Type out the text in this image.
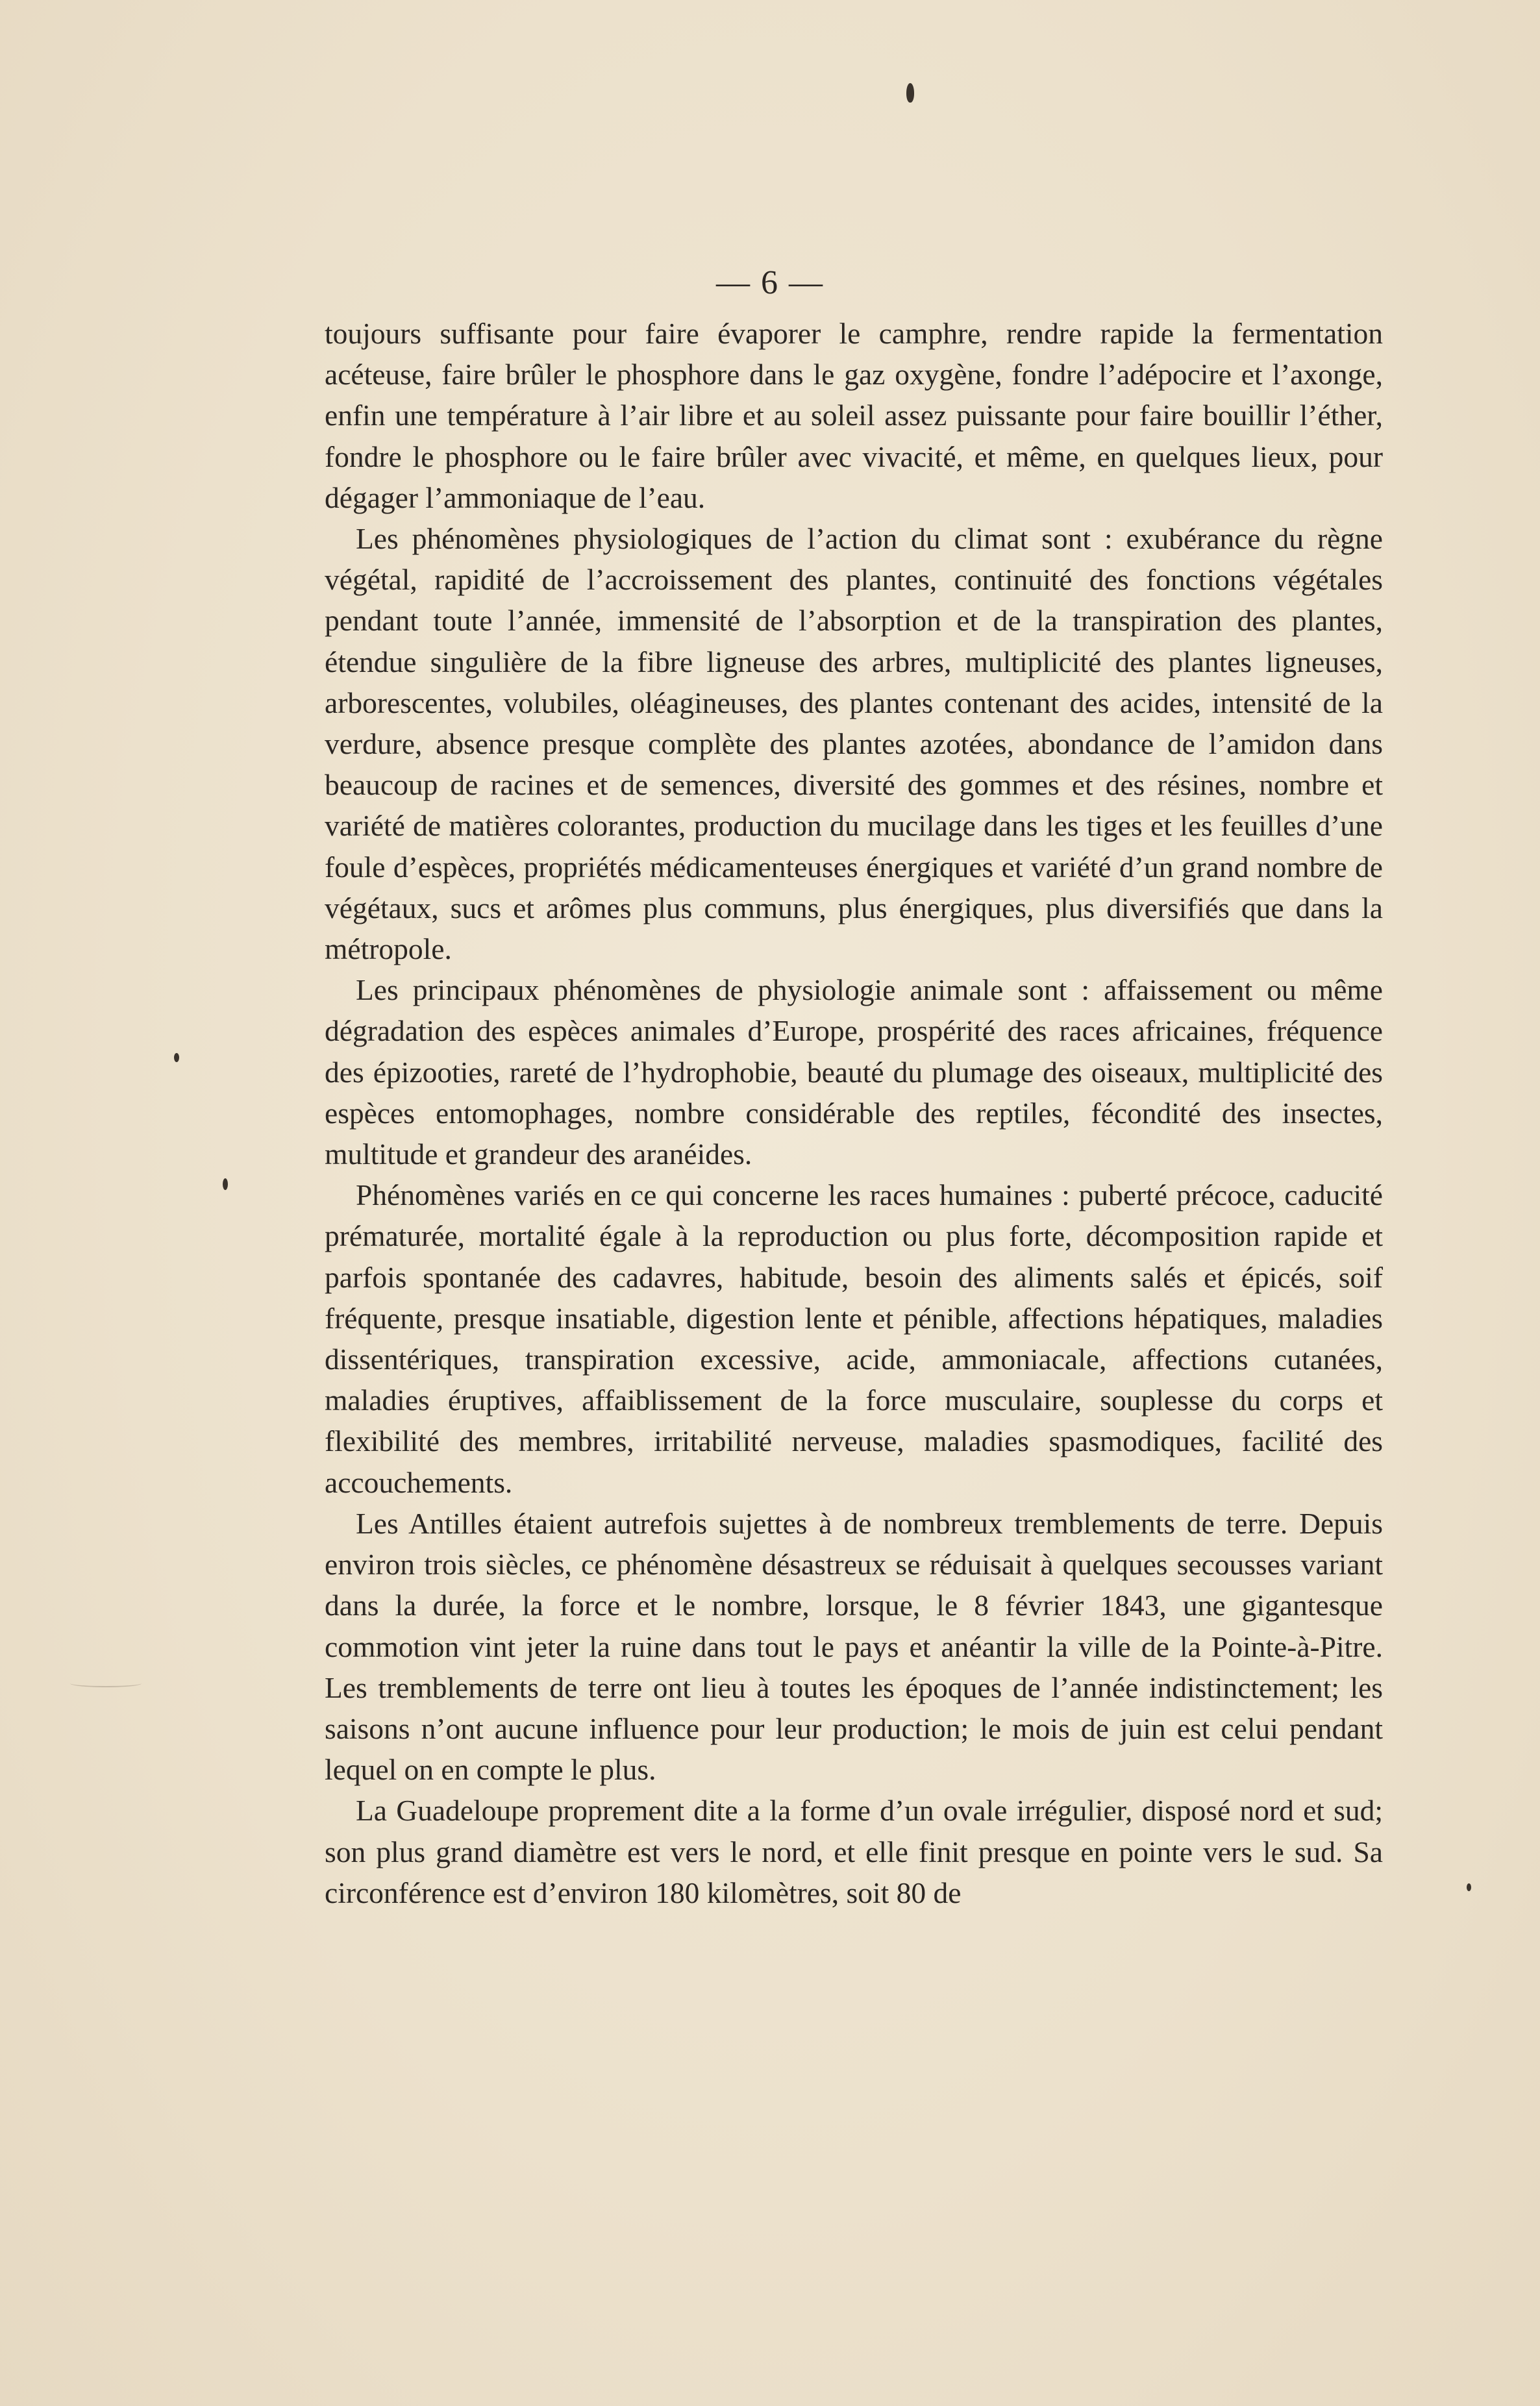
— 6 —

toujours suffisante pour faire évaporer le camphre, rendre rapide la fermentation acéteuse, faire brûler le phosphore dans le gaz oxygène, fondre l’adépocire et l’axonge, enfin une température à l’air libre et au soleil assez puissante pour faire bouillir l’éther, fondre le phosphore ou le faire brûler avec vivacité, et même, en quelques lieux, pour dégager l’ammoniaque de l’eau.

Les phénomènes physiologiques de l’action du climat sont : exubérance du règne végétal, rapidité de l’accroissement des plantes, continuité des fonctions végétales pendant toute l’année, immensité de l’absorption et de la transpiration des plantes, étendue singulière de la fibre ligneuse des arbres, multiplicité des plantes ligneuses, arborescentes, volubiles, oléagineuses, des plantes contenant des acides, intensité de la verdure, absence presque complète des plantes azotées, abondance de l’amidon dans beaucoup de racines et de semences, diversité des gommes et des résines, nombre et variété de matières colorantes, production du mucilage dans les tiges et les feuilles d’une foule d’espèces, propriétés médicamenteuses énergiques et variété d’un grand nombre de végétaux, sucs et arômes plus communs, plus énergiques, plus diversifiés que dans la métropole.

Les principaux phénomènes de physiologie animale sont : affaissement ou même dégradation des espèces animales d’Europe, prospérité des races africaines, fréquence des épizooties, rareté de l’hydrophobie, beauté du plumage des oiseaux, multiplicité des espèces entomophages, nombre considérable des reptiles, fécondité des insectes, multitude et grandeur des aranéides.

Phénomènes variés en ce qui concerne les races humaines : puberté précoce, caducité prématurée, mortalité égale à la reproduction ou plus forte, décomposition rapide et parfois spontanée des cadavres, habitude, besoin des aliments salés et épicés, soif fréquente, presque insatiable, digestion lente et pénible, affections hépatiques, maladies dissentériques, transpiration excessive, acide, ammoniacale, affections cutanées, maladies éruptives, affaiblissement de la force musculaire, souplesse du corps et flexibilité des membres, irritabilité nerveuse, maladies spasmodiques, facilité des accouchements.

Les Antilles étaient autrefois sujettes à de nombreux tremblements de terre. Depuis environ trois siècles, ce phénomène désastreux se réduisait à quelques secousses variant dans la durée, la force et le nombre, lorsque, le 8 février 1843, une gigantesque commotion vint jeter la ruine dans tout le pays et anéantir la ville de la Pointe-à-Pitre. Les tremblements de terre ont lieu à toutes les époques de l’année indistinctement; les saisons n’ont aucune influence pour leur production; le mois de juin est celui pendant lequel on en compte le plus.

La Guadeloupe proprement dite a la forme d’un ovale irrégulier, disposé nord et sud; son plus grand diamètre est vers le nord, et elle finit presque en pointe vers le sud. Sa circonférence est d’environ 180 kilomètres, soit 80 de
